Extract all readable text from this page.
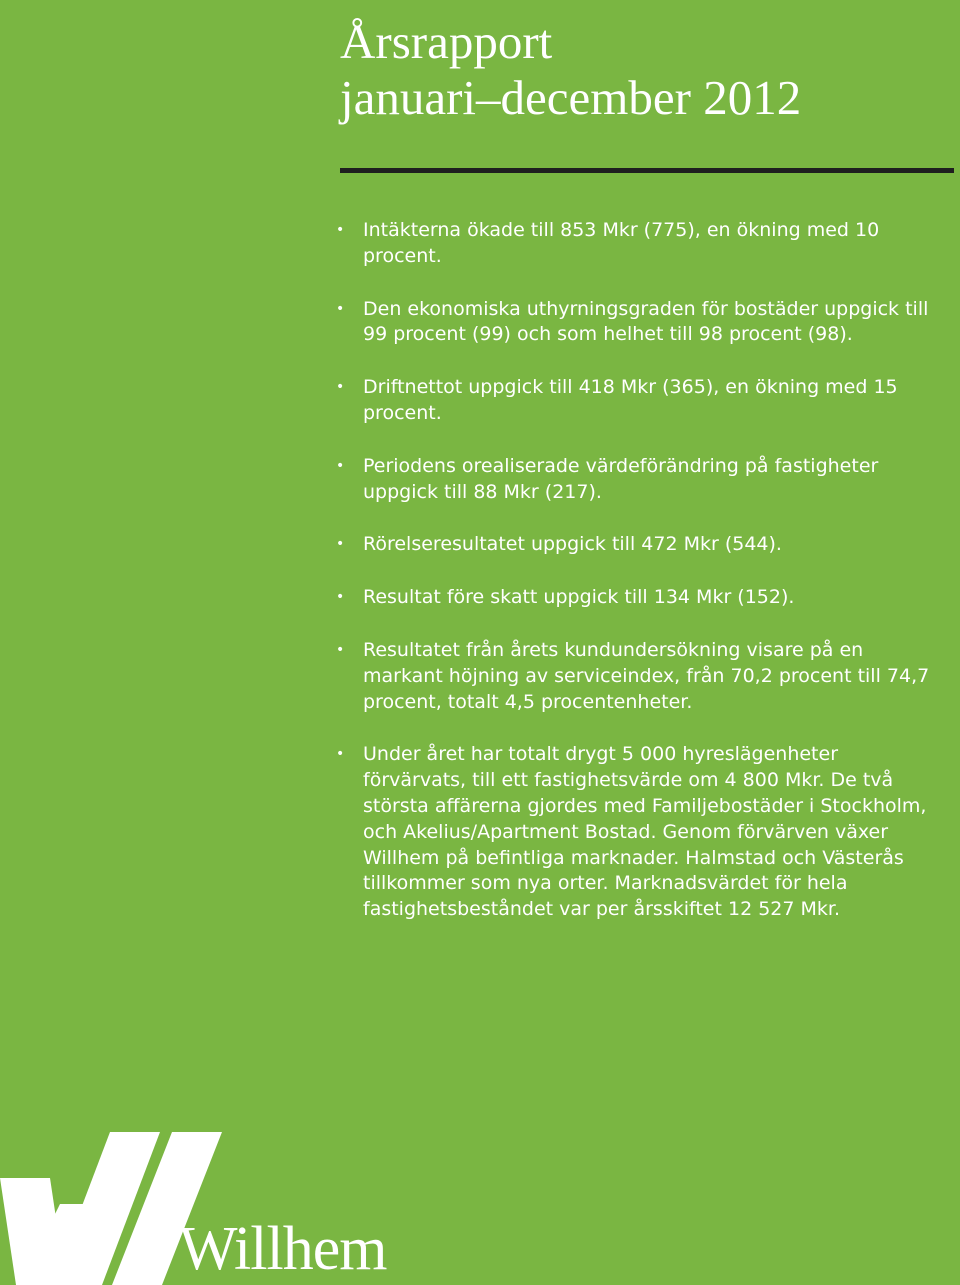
Årsrapport
januari–december 2012
• Intäkterna ökade till 853 Mkr (775), en ökning med 10 procent.
• Den ekonomiska uthyrningsgraden för bostäder uppgick till 99 procent (99) och som helhet till 98 procent (98).
• Driftnettot uppgick till 418 Mkr (365), en ökning med 15 procent.
• Periodens orealiserade värdeförändring på fastigheter uppgick till 88 Mkr (217).
• Rörelseresultatet uppgick till 472 Mkr (544).
• Resultat före skatt uppgick till 134 Mkr (152).
• Resultatet från årets kundundersökning visare på en markant höjning av serviceindex, från 70,2 procent till 74,7 procent, totalt 4,5 procentenheter.
• Under året har totalt drygt 5 000 hyreslägenheter förvärvats, till ett fastighetsvärde om 4 800 Mkr. De två största affärerna gjordes med Familjebostäder i Stockholm, och Akelius/Apartment Bostad. Genom förvärven växer Willhem på befintliga marknader. Halmstad och Västerås tillkommer som nya orter. Marknadsvärdet för hela fastighetsbeståndet var per årsskiftet 12 527 Mkr.
Willhem
